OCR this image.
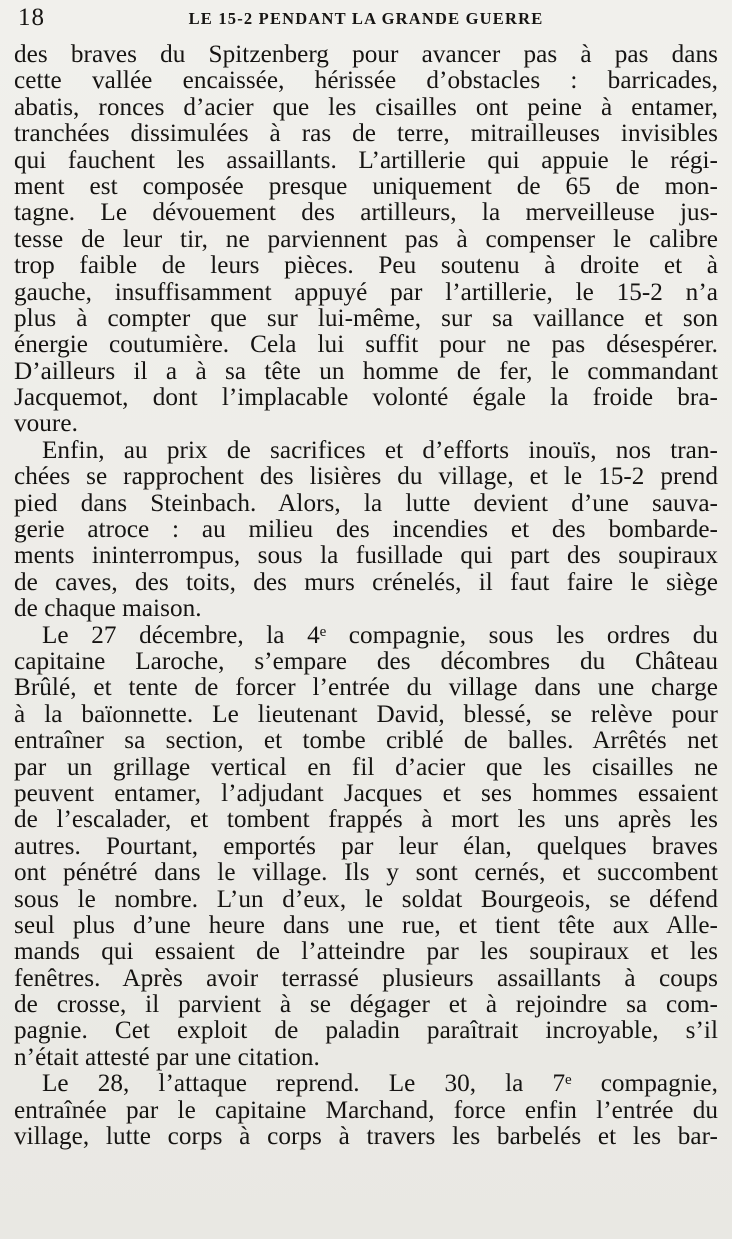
18	LE 15-2 PENDANT LA GRANDE GUERRE
des braves du Spitzenberg pour avancer pas à pas dans
cette vallée encaissée, hérissée d’obstacles : barricades,
abatis, ronces d’acier que les cisailles ont peine à entamer,
tranchées dissimulées à ras de terre, mitrailleuses invisibles
qui fauchent les assaillants. L’artillerie qui appuie le régi-
ment est composée presque uniquement de 65 de mon-
tagne. Le dévouement des artilleurs, la merveilleuse jus-
tesse de leur tir, ne parviennent pas à compenser le calibre
trop faible de leurs pièces. Peu soutenu à droite et à
gauche, insuffisamment appuyé par l’artillerie, le 15-2 n’a
plus à compter que sur lui-même, sur sa vaillance et son
énergie coutumière. Cela lui suffit pour ne pas désespérer.
D’ailleurs il a à sa tête un homme de fer, le commandant
Jacquemot, dont l’implacable volonté égale la froide bra-
voure.
Enfin, au prix de sacrifices et d’efforts inouïs, nos tran-
chées se rapprochent des lisières du village, et le 15-2 prend
pied dans Steinbach. Alors, la lutte devient d’une sauva-
gerie atroce : au milieu des incendies et des bombarde-
ments ininterrompus, sous la fusillade qui part des soupiraux
de caves, des toits, des murs crénelés, il faut faire le siège
de chaque maison.
Le 27 décembre, la 4ᵉ compagnie, sous les ordres du
capitaine Laroche, s’empare des décombres du Château
Brûlé, et tente de forcer l’entrée du village dans une charge
à la baïonnette. Le lieutenant David, blessé, se relève pour
entraîner sa section, et tombe criblé de balles. Arrêtés net
par un grillage vertical en fil d’acier que les cisailles ne
peuvent entamer, l’adjudant Jacques et ses hommes essaient
de l’escalader, et tombent frappés à mort les uns après les
autres. Pourtant, emportés par leur élan, quelques braves
ont pénétré dans le village. Ils y sont cernés, et succombent
sous le nombre. L’un d’eux, le soldat Bourgeois, se défend
seul plus d’une heure dans une rue, et tient tête aux Alle-
mands qui essaient de l’atteindre par les soupiraux et les
fenêtres. Après avoir terrassé plusieurs assaillants à coups
de crosse, il parvient à se dégager et à rejoindre sa com-
pagnie. Cet exploit de paladin paraîtrait incroyable, s’il
n’était attesté par une citation.
Le 28, l’attaque reprend. Le 30, la 7ᵉ compagnie,
entraînée par le capitaine Marchand, force enfin l’entrée du
village, lutte corps à corps à travers les barbelés et les bar-
